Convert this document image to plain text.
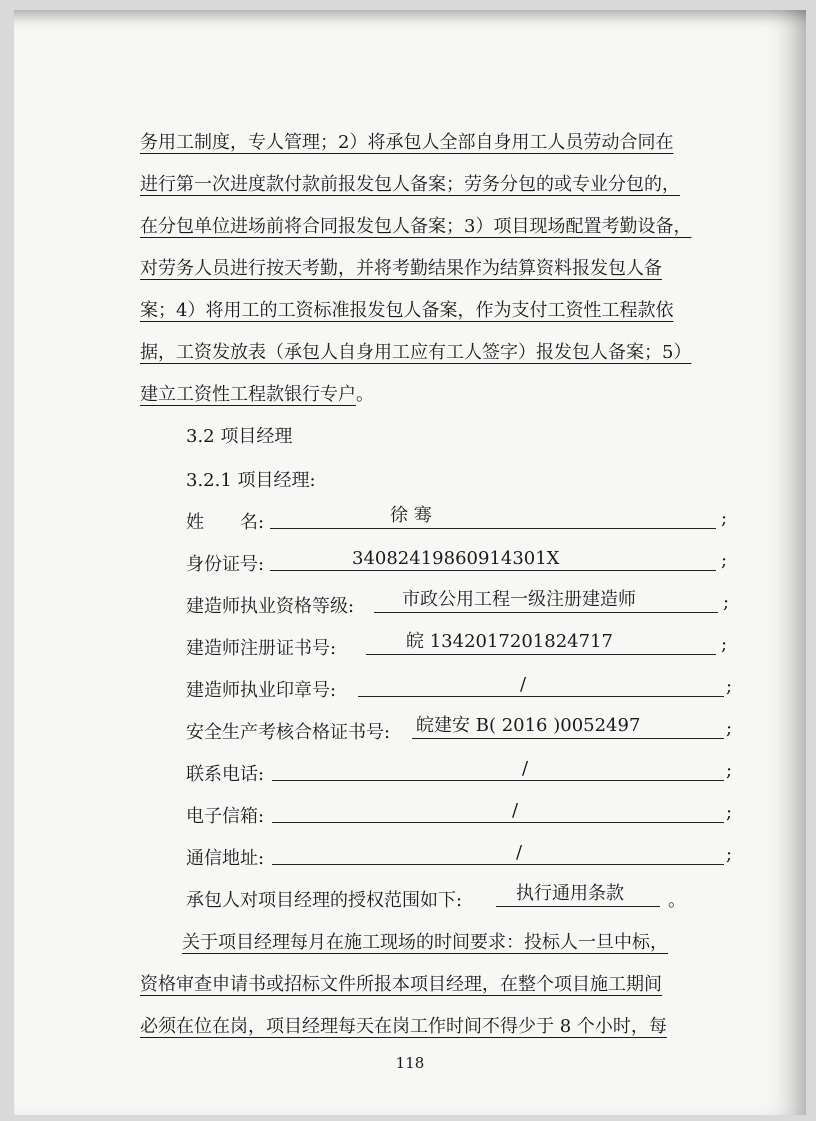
务用工制度，专人管理；2）将承包人全部自身用工人员劳动合同在
进行第一次进度款付款前报发包人备案；劳务分包的或专业分包的，
在分包单位进场前将合同报发包人备案；3）项目现场配置考勤设备，
对劳务人员进行按天考勤，并将考勤结果作为结算资料报发包人备
案；4）将用工的工资标准报发包人备案，作为支付工资性工程款依
据，工资发放表（承包人自身用工应有工人签字）报发包人备案；5）
建立工资性工程款银行专户。
3.2 项目经理
3.2.1 项目经理:
姓　　名:	徐 骞	;
身份证号:	34082419860914301X	;
建造师执业资格等级:	市政公用工程一级注册建造师	;
建造师注册证书号:	皖 1342017201824717	;
建造师执业印章号:	/	;
安全生产考核合格证书号: 皖建安 B( 2016 )0052497	;
联系电话:	/	;
电子信箱:	/	;
通信地址:	/	;
承包人对项目经理的授权范围如下:	执行通用条款 。
关于项目经理每月在施工现场的时间要求：投标人一旦中标，
资格审查申请书或招标文件所报本项目经理，在整个项目施工期间
必须在位在岗，项目经理每天在岗工作时间不得少于 8 个小时，每
118
